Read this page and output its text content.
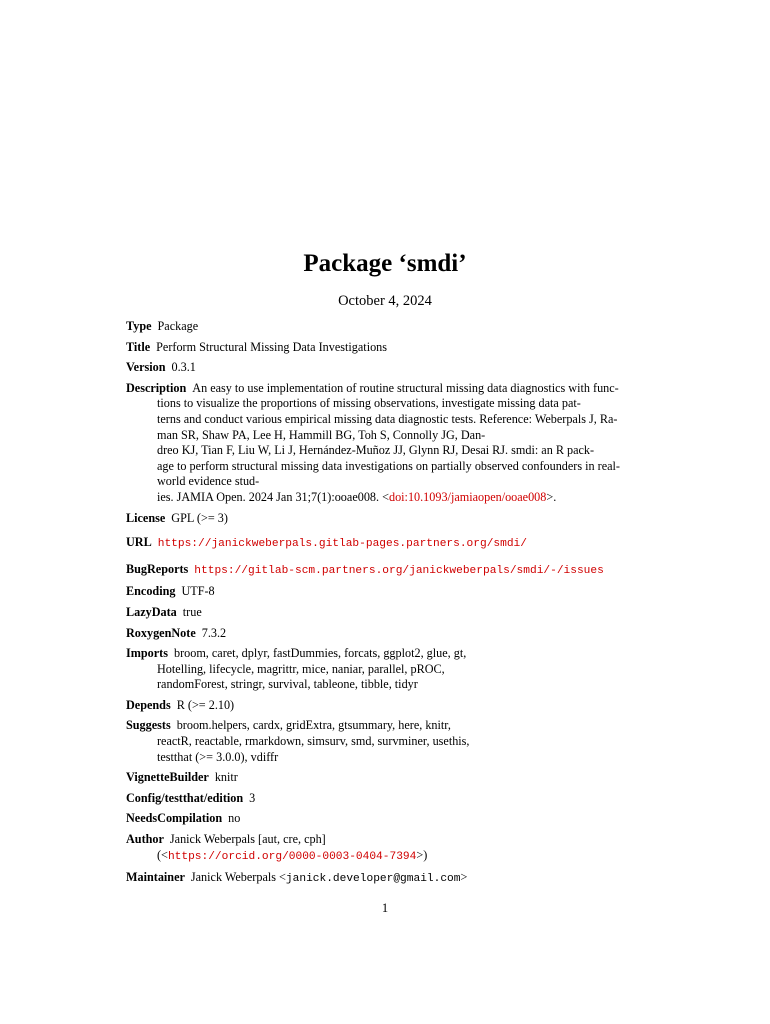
Package ‘smdi’
October 4, 2024
Type Package
Title Perform Structural Missing Data Investigations
Version 0.3.1
Description An easy to use implementation of routine structural missing data diagnostics with func-
tions to visualize the proportions of missing observations, investigate missing data pat-
terns and conduct various empirical missing data diagnostic tests. Reference: Weberpals J, Ra-
man SR, Shaw PA, Lee H, Hammill BG, Toh S, Connolly JG, Dan-
dreo KJ, Tian F, Liu W, Li J, Hernández-Muñoz JJ, Glynn RJ, Desai RJ. smdi: an R pack-
age to perform structural missing data investigations on partially observed confounders in real-
world evidence stud-
ies. JAMIA Open. 2024 Jan 31;7(1):ooae008. <doi:10.1093/jamiaopen/ooae008>.
License GPL (>= 3)
URL https://janickweberpals.gitlab-pages.partners.org/smdi/
BugReports https://gitlab-scm.partners.org/janickweberpals/smdi/-/issues
Encoding UTF-8
LazyData true
RoxygenNote 7.3.2
Imports broom, caret, dplyr, fastDummies, forcats, ggplot2, glue, gt,
Hotelling, lifecycle, magrittr, mice, naniar, parallel, pROC,
randomForest, stringr, survival, tableone, tibble, tidyr
Depends R (>= 2.10)
Suggests broom.helpers, cardx, gridExtra, gtsummary, here, knitr,
reactR, reactable, rmarkdown, simsurv, smd, survminer, usethis,
testthat (>= 3.0.0), vdiffr
VignetteBuilder knitr
Config/testthat/edition 3
NeedsCompilation no
Author Janick Weberpals [aut, cre, cph]
(<https://orcid.org/0000-0003-0404-7394>)
Maintainer Janick Weberpals <janick.developer@gmail.com>
1
